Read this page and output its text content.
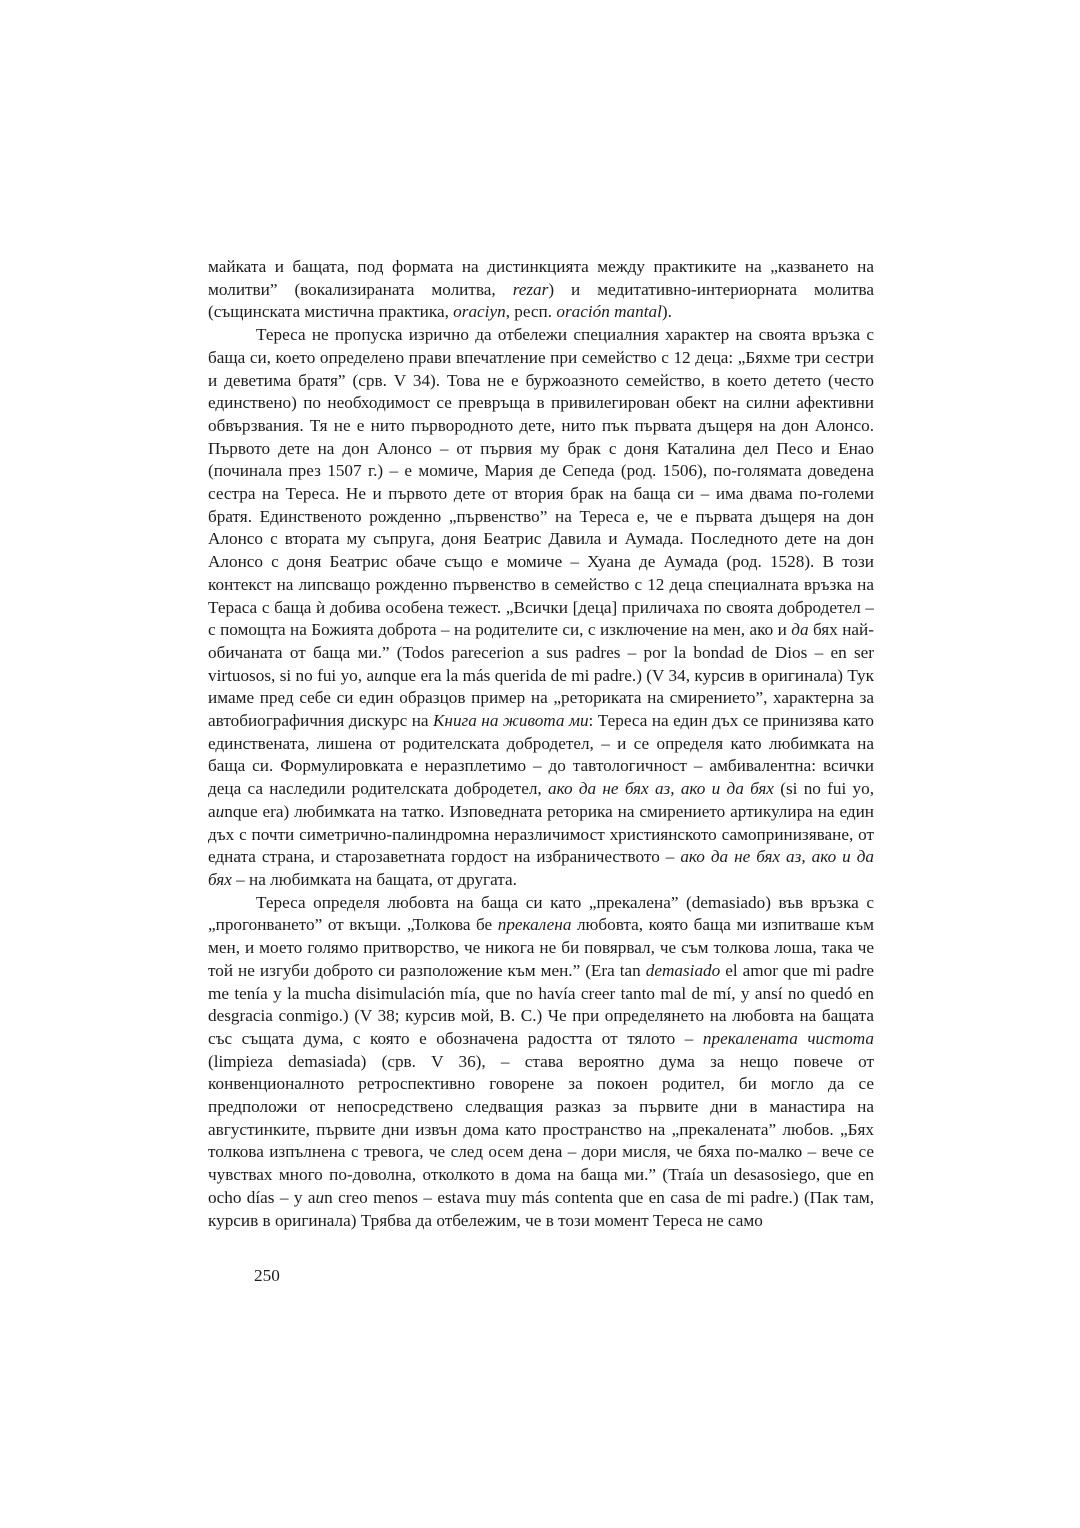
майката и бащата, под формата на дистинкцията между практиките на „казването на молитви” (вокализираната молитва, rezar) и медитативно-интериорната молитва (същинската мистична практика, oraciyn, респ. oración mantal).

Тереса не пропуска изрично да отбележи специалния характер на своята връзка с баща си, което определено прави впечатление при семейство с 12 деца: „Бяхме три сестри и деветима братя” (срв. V 34). Това не е буржоазното семейство, в което детето (често единствено) по необходимост се превръща в привилегирован обект на силни афективни обвързвания. Тя не е нито първородното дете, нито пък първата дъщеря на дон Алонсо. Първото дете на дон Алонсо – от първия му брак с доня Каталина дел Песо и Енао (починала през 1507 г.) – е момиче, Мария де Сепеда (род. 1506), по-голямата доведена сестра на Тереса. Не и първото дете от втория брак на баща си – има двама по-големи братя. Единственото рожденно „първенство” на Тереса е, че е първата дъщеря на дон Алонсо с втората му съпруга, доня Беатрис Давила и Аумада. Последното дете на дон Алонсо с доня Беатрис обаче също е момиче – Хуана де Аумада (род. 1528). В този контекст на липсващо рожденно първенство в семейство с 12 деца специалната връзка на Тераса с баща ѝ добива особена тежест. „Всички [деца] приличаха по своята добродетел – с помощта на Божията доброта – на родителите си, с изключение на мен, ако и да бях най-обичаната от баща ми.” (Todos parecerion a sus padres – por la bondad de Dios – en ser virtuosos, si no fui yo, aunque era la más querida de mi padre.) (V 34, курсив в оригинала) Тук имаме пред себе си един образцов пример на „реториката на смирението”, характерна за автобиографичния дискурс на Книга на живота ми: Тереса на един дъх се принизява като единствената, лишена от родителската добродетел, – и се определя като любимката на баща си. Формулировката е неразплетимо – до тавтологичност – амбивалентна: всички деца са наследили родителската добродетел, ако да не бях аз, ако и да бях (si no fui yo, aunque era) любимката на татко. Изповедната реторика на смирението артикулира на един дъх с почти симетрично-палиндромна неразличимост християнското самопринизяване, от едната страна, и старозаветната гордост на избраничеството – ако да не бях аз, ако и да бях – на любимката на бащата, от другата.

Тереса определя любовта на баща си като „прекалена” (demasiado) във връзка с „прогонването” от вкъщи. „Толкова бе прекалена любовта, която баща ми изпитваше към мен, и моето голямо притворство, че никога не би повярвал, че съм толкова лоша, така че той не изгуби доброто си разположение към мен.” (Era tan demasiado el amor que mi padre me tenía y la mucha disimulación mía, que no havía creer tanto mal de mí, y ansí no quedó en desgracia conmigo.) (V 38; курсив мой, В. С.) Че при определянето на любовта на бащата със същата дума, с която е обозначена радостта от тялото – прекалената чистота (limpieza demasiada) (срв. V 36), – става вероятно дума за нещо повече от конвенционалното ретроспективно говорене за покоен родител, би могло да се предположи от непосредствено следващия разказ за първите дни в манастира на августинките, първите дни извън дома като пространство на „прекалената” любов. „Бях толкова изпълнена с тревога, че след осем дена – дори мисля, че бяха по-малко – вече се чувствах много по-доволна, отколкото в дома на баща ми.” (Traía un desasosiego, que en ocho días – y aun creo menos – estava muy más contenta que en casa de mi padre.) (Пак там, курсив в оригинала) Трябва да отбележим, че в този момент Тереса не само

250
